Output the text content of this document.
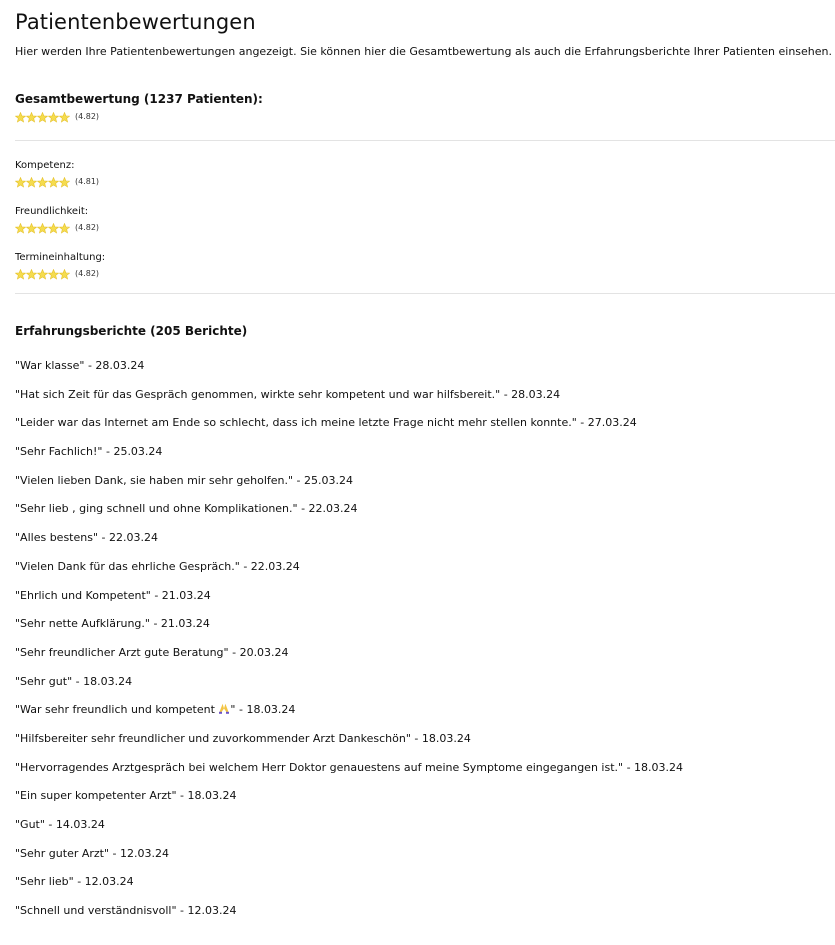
Patientenbewertungen
Hier werden Ihre Patientenbewertungen angezeigt. Sie können hier die Gesamtbewertung als auch die Erfahrungsberichte Ihrer Patienten einsehen.
Gesamtbewertung (1237 Patienten):
(4.82)
Kompetenz:
(4.81)
Freundlichkeit:
(4.82)
Termineinhaltung:
(4.82)
Erfahrungsberichte (205 Berichte)
"War klasse" - 28.03.24
"Hat sich Zeit für das Gespräch genommen, wirkte sehr kompetent und war hilfsbereit." - 28.03.24
"Leider war das Internet am Ende so schlecht, dass ich meine letzte Frage nicht mehr stellen konnte." - 27.03.24
"Sehr Fachlich!" - 25.03.24
"Vielen lieben Dank, sie haben mir sehr geholfen." - 25.03.24
"Sehr lieb , ging schnell und ohne Komplikationen." - 22.03.24
"Alles bestens" - 22.03.24
"Vielen Dank für das ehrliche Gespräch." - 22.03.24
"Ehrlich und Kompetent" - 21.03.24
"Sehr nette Aufklärung." - 21.03.24
"Sehr freundlicher Arzt gute Beratung" - 20.03.24
"Sehr gut" - 18.03.24
"War sehr freundlich und kompetent " - 18.03.24
"Hilfsbereiter sehr freundlicher und zuvorkommender Arzt Dankeschön" - 18.03.24
"Hervorragendes Arztgespräch bei welchem Herr Doktor genauestens auf meine Symptome eingegangen ist." - 18.03.24
"Ein super kompetenter Arzt" - 18.03.24
"Gut" - 14.03.24
"Sehr guter Arzt" - 12.03.24
"Sehr lieb" - 12.03.24
"Schnell und verständnisvoll" - 12.03.24
